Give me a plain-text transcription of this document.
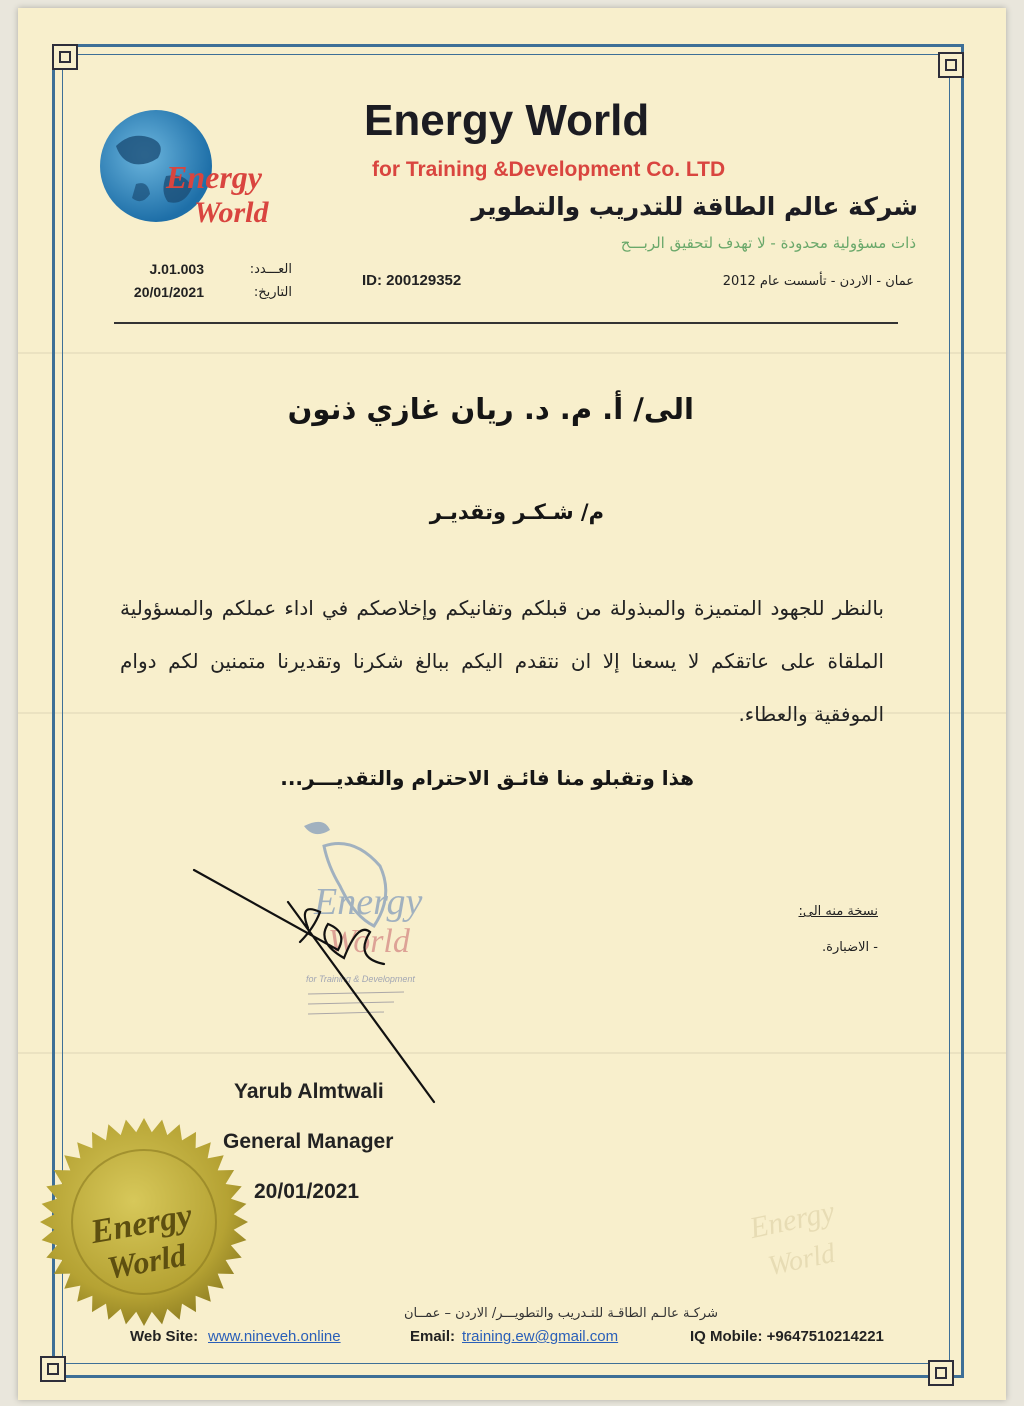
Energy
World
Energy World
for Training &Development Co. LTD
شركة عالم الطاقة للتدريب والتطوير
ذات مسؤولية محدودة - لا تهدف لتحقيق الربـــح
عمان - الاردن - تأسست عام 2012
ID: 200129352
J.01.003
20/01/2021
العـــدد:
التاريخ:
الى/ أ. م. د. ريان غازي ذنون
م/ شـكـر وتقديـر
بالنظر للجهود المتميزة والمبذولة من قبلكم وتفانيكم وإخلاصكم في اداء عملكم والمسؤولية الملقاة على عاتقكم لا يسعنا إلا ان نتقدم اليكم ببالغ شكرنا وتقديرنا متمنين لكم دوام الموفقية والعطاء.
هذا وتقبلو منا فائـق الاحترام والتقديـــر...
نسخة منه الى:
- الاضبارة.
Energy
World
for Training & Development
Yarub Almtwali
General Manager
20/01/2021
Energy
World
Energy
World
شركـة عالـم الطاقـة للتـدريب والتطويـــر/ الاردن – عمــان
Web Site: www.nineveh.online	Email: training.ew@gmail.com	IQ Mobile: +9647510214221
